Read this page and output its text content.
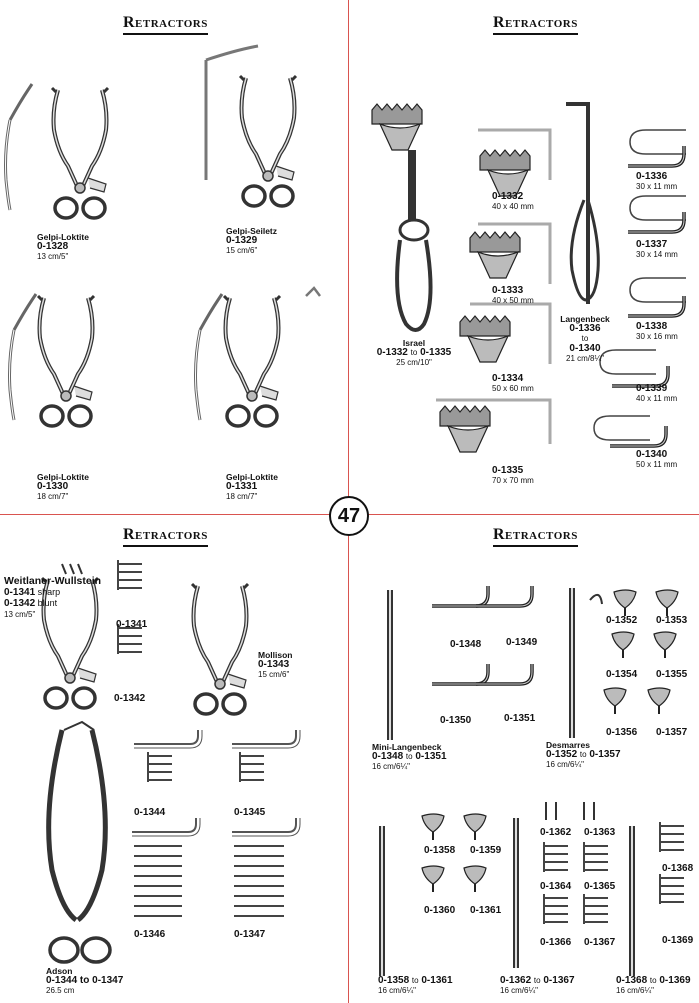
Retractors	Retractors
Retractors	Retractors
47
Gelpi-Loktite
0-1328
13 cm/5"
Gelpi-Seiletz
0-1329
15 cm/6"
Gelpi-Loktite
0-1330
18 cm/7"
Gelpi-Loktite
0-1331
18 cm/7"
Israel
0-1332 to 0-1335
25 cm/10"
0-1332
40 x 40 mm
0-1333
40 x 50 mm
0-1334
50 x 60 mm
0-1335
70 x 70 mm
Langenbeck
0-1336
to
0-1340
21 cm/8¼"
0-1336
30 x 11 mm
0-1337
30 x 14 mm
0-1338
30 x 16 mm
0-1339
40 x 11 mm
0-1340
50 x 11 mm
Weitlaner-Wullstein
0-1341 sharp
0-1342 blunt
13 cm/5"
0-1341
0-1342
Mollison
0-1343
15 cm/6"
0-1344	0-1345
0-1346	0-1347
Adson
0-1344 to 0-1347
26.5 cm
Mini-Langenbeck
0-1348 to 0-1351
16 cm/6¼"
0-1348 0-1349
0-1350	0-1351
Desmarres
0-1352 to 0-1357
16 cm/6¼"
0-1352 0-1353
0-1354 0-1355
0-1356 0-1357
0-1358 0-1359
0-1360 0-1361
0-1362 0-1363
0-1364 0-1365
0-1366 0-1367
0-1368
0-1369
0-1358 to 0-1361
16 cm/6¼"
0-1362 to 0-1367
16 cm/6¼"
0-1368 to 0-1369
16 cm/6¼"
